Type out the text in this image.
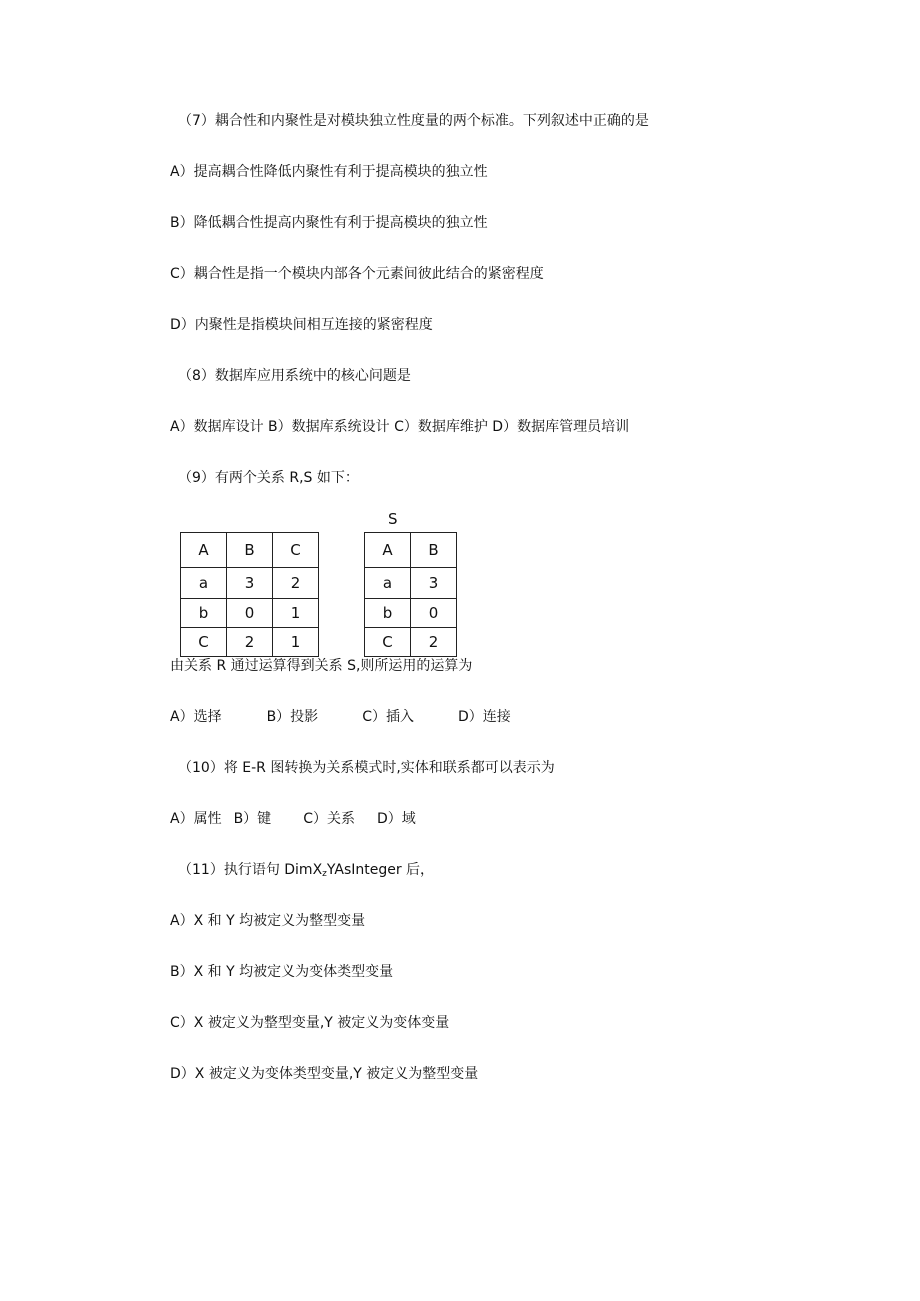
（7）耦合性和内聚性是对模块独立性度量的两个标准。下列叙述中正确的是
A）提高耦合性降低内聚性有利于提高模块的独立性
B）降低耦合性提高内聚性有利于提高模块的独立性
C）耦合性是指一个模块内部各个元素间彼此结合的紧密程度
D）内聚性是指模块间相互连接的紧密程度
（8）数据库应用系统中的核心问题是
A）数据库设计 B）数据库系统设计 C）数据库维护 D）数据库管理员培训
（9）有两个关系 R,S 如下：
A	B	C
a	3	2
b	0	1
C	2	1
S
A	B
a	3
b	0
C	2
由关系 R 通过运算得到关系 S,则所运用的运算为
A）选择	B）投影	C）插入	D）连接
（10）将 E-R 图转换为关系模式时,实体和联系都可以表示为
A）属性 B）键 C）关系 D）域
（11）执行语句 DimX$_z$YAsInteger 后，
A）X 和 Y 均被定义为整型变量
B）X 和 Y 均被定义为变体类型变量
C）X 被定义为整型变量,Y 被定义为变体变量
D）X 被定义为变体类型变量,Y 被定义为整型变量
